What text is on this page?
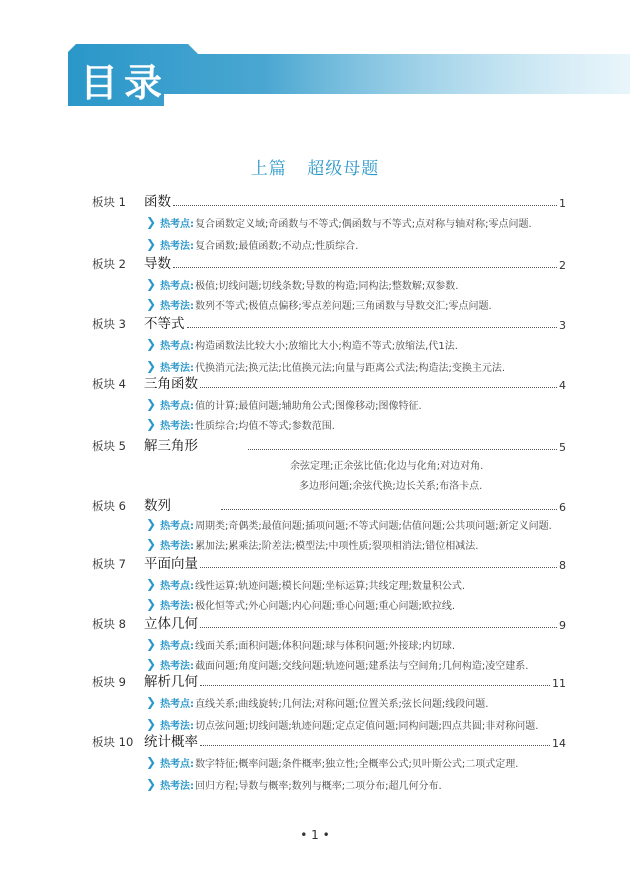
目录
上篇 超级母题
板块 1	函数	1
❯ 热考点: 复合函数定义域;奇函数与不等式;偶函数与不等式;点对称与轴对称;零点问题.
❯ 热考法: 复合函数;最值函数;不动点;性质综合.
板块 2	导数	2
❯ 热考点: 极值;切线问题;切线条数;导数的构造;同构法;整数解;双参数.
❯ 热考法: 数列不等式;极值点偏移;零点差问题;三角函数与导数交汇;零点问题.
板块 3	不等式	3
❯ 热考点: 构造函数法比较大小;放缩比大小;构造不等式;放缩法,代1法.
❯ 热考法: 代换消元法;换元法;比值换元法;向量与距离公式法;构造法;变换主元法.
板块 4	三角函数	4
❯ 热考点: 值的计算;最值问题;辅助角公式;图像移动;图像特征.
❯ 热考法: 性质综合;均值不等式;参数范围.
板块 5	解三角形	5
余弦定理;正余弦比值;化边与化角;对边对角.
多边形问题;余弦代换;边长关系;布洛卡点.
板块 6	数列	6
❯ 热考点: 周期类;奇偶类;最值问题;插项问题;不等式问题;估值问题;公共项问题;新定义问题.
❯ 热考法: 累加法;累乘法;阶差法;模型法;中项性质;裂项相消法;错位相减法.
板块 7	平面向量	8
❯ 热考点: 线性运算;轨迹问题;模长问题;坐标运算;共线定理;数量积公式.
❯ 热考法: 极化恒等式;外心问题;内心问题;垂心问题;重心问题;欧拉线.
板块 8	立体几何	9
❯ 热考点: 线面关系;面积问题;体积问题;球与体积问题;外接球;内切球.
❯ 热考法: 截面问题;角度问题;交线问题;轨迹问题;建系法与空间角;几何构造;凌空建系.
板块 9	解析几何	11
❯ 热考点: 直线关系;曲线旋转;几何法;对称问题;位置关系;弦长问题;线段问题.
❯ 热考法: 切点弦问题;切线问题;轨迹问题;定点定值问题;同构问题;四点共圆;非对称问题.
板块 10 统计概率	14
❯ 热考点: 数字特征;概率问题;条件概率;独立性;全概率公式;贝叶斯公式;二项式定理.
❯ 热考法: 回归方程;导数与概率;数列与概率;二项分布;超几何分布.
• 1 •
